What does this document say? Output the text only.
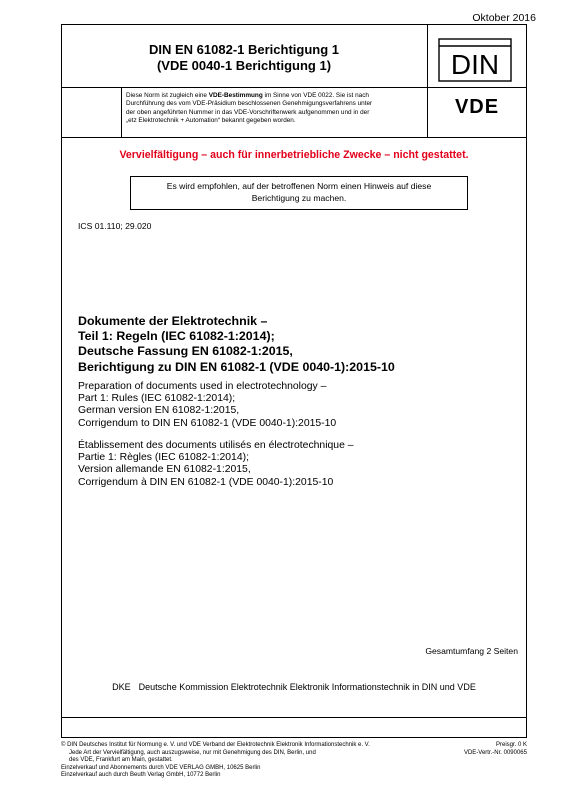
Oktober 2016
DIN EN 61082-1 Berichtigung 1
(VDE 0040-1 Berichtigung 1)	DIN
Diese Norm ist zugleich eine VDE-Bestimmung im Sinne von VDE 0022. Sie ist nach
Durchführung des vom VDE-Präsidium beschlossenen Genehmigungsverfahrens unter
der oben angeführten Nummer in das VDE-Vorschriftenwerk aufgenommen und in der
„etz Elektrotechnik + Automation“ bekannt gegeben worden.
VDE
Vervielfältigung – auch für innerbetriebliche Zwecke – nicht gestattet.
Es wird empfohlen, auf der betroffenen Norm einen Hinweis auf diese
Berichtigung zu machen.
ICS 01.110; 29.020
Dokumente der Elektrotechnik –
Teil 1: Regeln (IEC 61082-1:2014);
Deutsche Fassung EN 61082-1:2015,
Berichtigung zu DIN EN 61082-1 (VDE 0040-1):2015-10
Preparation of documents used in electrotechnology –
Part 1: Rules (IEC 61082-1:2014);
German version EN 61082-1:2015,
Corrigendum to DIN EN 61082-1 (VDE 0040-1):2015-10
Établissement des documents utilisés en électrotechnique –
Partie 1: Règles (IEC 61082-1:2014);
Version allemande EN 61082-1:2015,
Corrigendum à DIN EN 61082-1 (VDE 0040-1):2015-10
Gesamtumfang 2 Seiten
DKE Deutsche Kommission Elektrotechnik Elektronik Informationstechnik in DIN und VDE
© DIN Deutsches Institut für Normung e. V. und VDE Verband der Elektrotechnik Elektronik Informationstechnik e. V.
Jede Art der Vervielfältigung, auch auszugsweise, nur mit Genehmigung des DIN, Berlin, und
des VDE, Frankfurt am Main, gestattet.
Einzelverkauf und Abonnements durch VDE VERLAG GMBH, 10625 Berlin
Einzelverkauf auch durch Beuth Verlag GmbH, 10772 Berlin
Preisgr. 0 K
VDE-Vertr.-Nr. 0090065
